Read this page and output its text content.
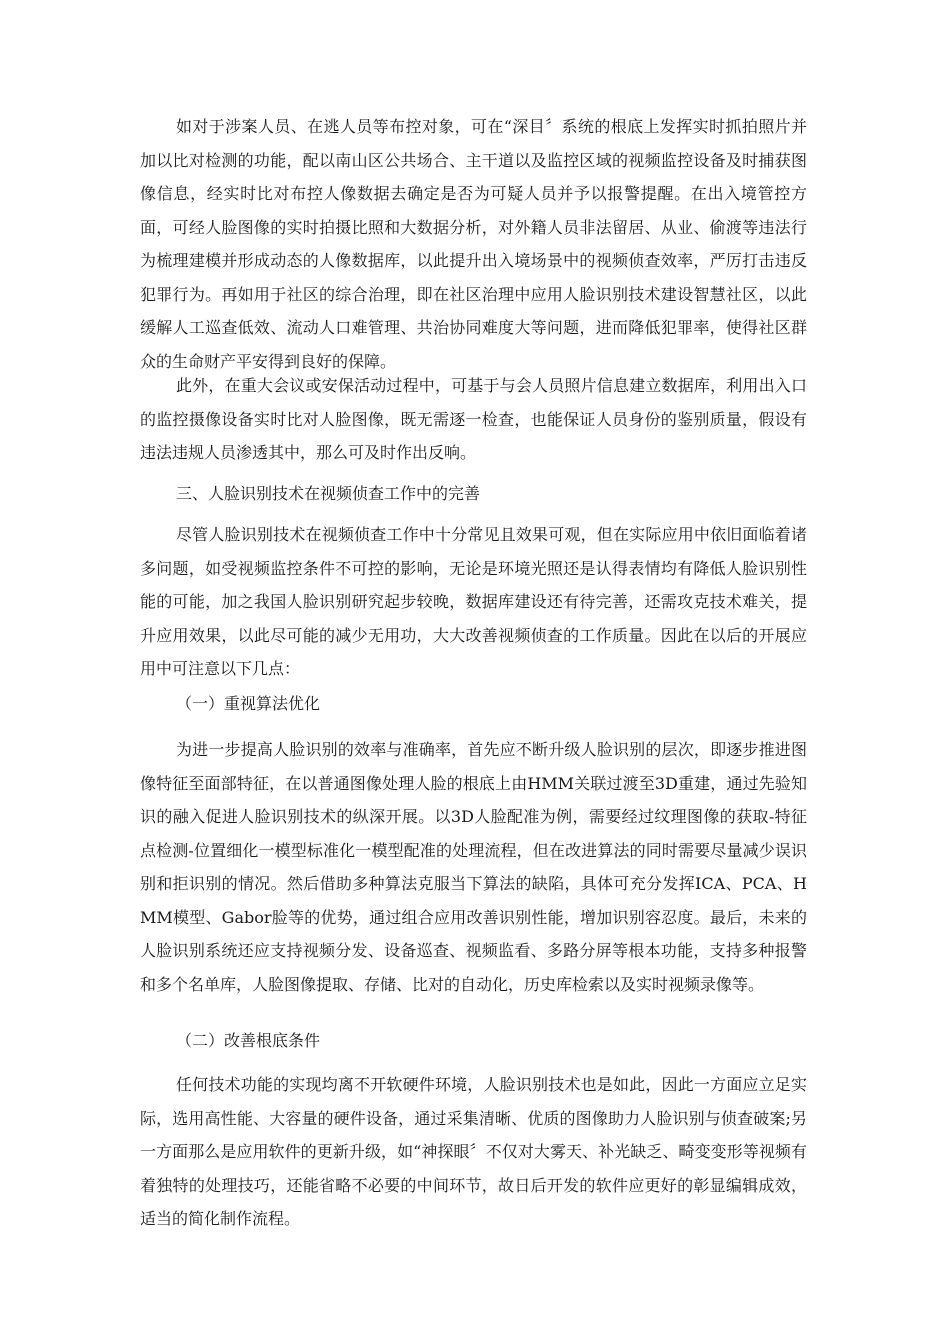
如对于涉案人员、在逃人员等布控对象，可在“深目〞系统的根底上发挥实时抓拍照片并加以比对检测的功能，配以南山区公共场合、主干道以及监控区域的视频监控设备及时捕获图像信息，经实时比对布控人像数据去确定是否为可疑人员并予以报警提醒。在出入境管控方面，可经人脸图像的实时拍摄比照和大数据分析，对外籍人员非法留居、从业、偷渡等违法行为梳理建模并形成动态的人像数据库，以此提升出入境场景中的视频侦查效率，严厉打击违反犯罪行为。再如用于社区的综合治理，即在社区治理中应用人脸识别技术建设智慧社区，以此缓解人工巡查低效、流动人口难管理、共治协同难度大等问题，进而降低犯罪率，使得社区群众的生命财产平安得到良好的保障。

此外，在重大会议或安保活动过程中，可基于与会人员照片信息建立数据库，利用出入口的监控摄像设备实时比对人脸图像，既无需逐一检查，也能保证人员身份的鉴别质量，假设有违法违规人员渗透其中，那么可及时作出反响。

三、人脸识别技术在视频侦查工作中的完善

尽管人脸识别技术在视频侦查工作中十分常见且效果可观，但在实际应用中依旧面临着诸多问题，如受视频监控条件不可控的影响，无论是环境光照还是认得表情均有降低人脸识别性能的可能，加之我国人脸识别研究起步较晚，数据库建设还有待完善，还需攻克技术难关，提升应用效果，以此尽可能的减少无用功，大大改善视频侦查的工作质量。因此在以后的开展应用中可注意以下几点：

（一）重视算法优化

为进一步提高人脸识别的效率与准确率，首先应不断升级人脸识别的层次，即逐步推进图像特征至面部特征，在以普通图像处理人脸的根底上由HMM关联过渡至3D重建，通过先验知识的融入促进人脸识别技术的纵深开展。以3D人脸配准为例，需要经过纹理图像的获取-特征点检测-位置细化一模型标准化一模型配准的处理流程，但在改进算法的同时需要尽量减少误识别和拒识别的情况。然后借助多种算法克服当下算法的缺陷，具体可充分发挥ICA、PCA、HMM模型、Gabor脸等的优势，通过组合应用改善识别性能，增加识别容忍度。最后，未来的人脸识别系统还应支持视频分发、设备巡查、视频监看、多路分屏等根本功能，支持多种报警和多个名单库，人脸图像提取、存储、比对的自动化，历史库检索以及实时视频录像等。

（二）改善根底条件

任何技术功能的实现均离不开软硬件环境，人脸识别技术也是如此，因此一方面应立足实际，选用高性能、大容量的硬件设备，通过采集清晰、优质的图像助力人脸识别与侦查破案;另一方面那么是应用软件的更新升级，如“神探眼〞不仅对大雾天、补光缺乏、畸变变形等视频有着独特的处理技巧，还能省略不必要的中间环节，故日后开发的软件应更好的彰显编辑成效，适当的简化制作流程。
